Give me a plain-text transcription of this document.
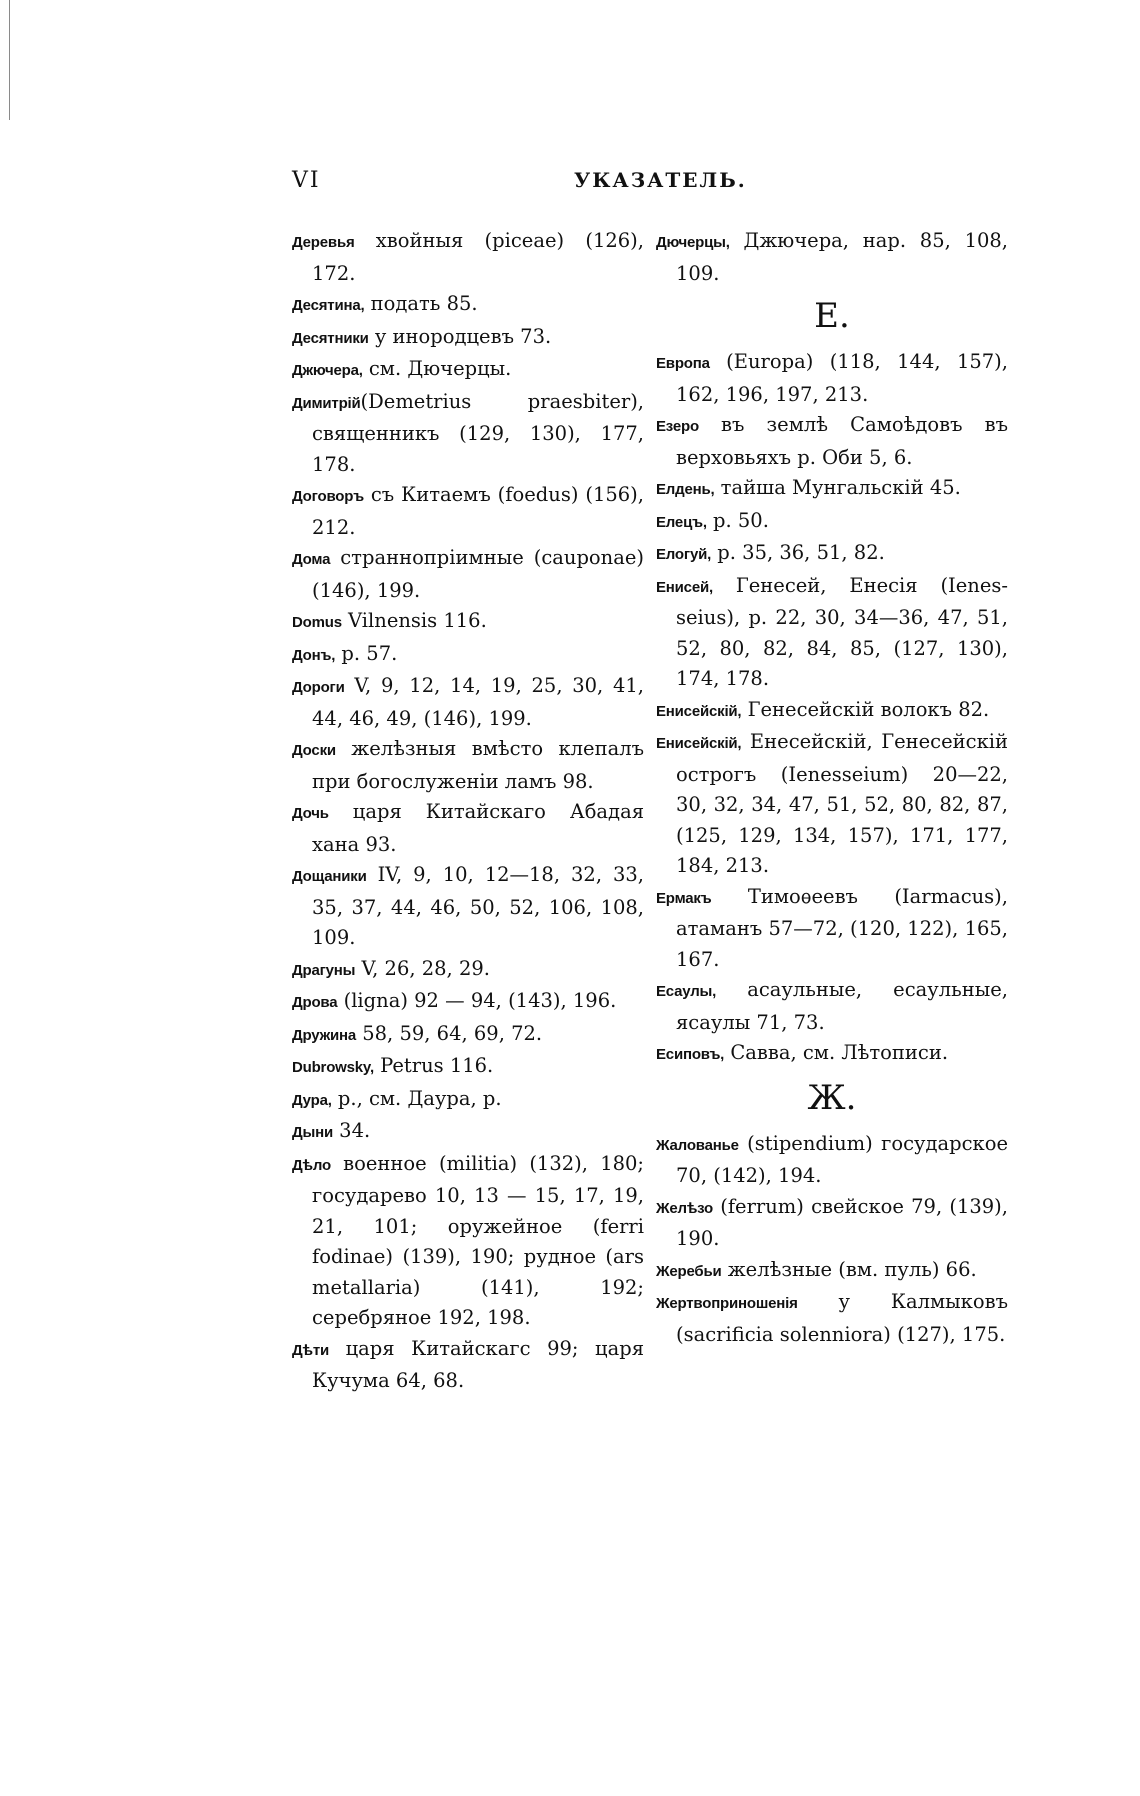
VI	УКАЗАТЕЛЬ.

Деревья хвойныя (piceae) (126), 172.

Десятина, подать 85.

Десятники у инородцевъ 73.

Джючера, см. Дючерцы.

Димитрій(Demetrius praesbiter), священникъ (129, 130), 177, 178.

Договоръ съ Китаемъ (foedus) (156), 212.

Дома страннопріимные (cauponae) (146), 199.

Domus Vilnensis 116.

Донъ, р. 57.

Дороги V, 9, 12, 14, 19, 25, 30, 41, 44, 46, 49, (146), 199.

Доски желѣзныя вмѣсто клепалъ при богослуженіи ламъ 98.

Дочь царя Китайскаго Абадая хана 93.

Дощаники IV, 9, 10, 12—18, 32, 33, 35, 37, 44, 46, 50, 52, 106, 108, 109.

Драгуны V, 26, 28, 29.

Дрова (ligna) 92 — 94, (143), 196.

Дружина 58, 59, 64, 69, 72.

Dubrowsky, Petrus 116.

Дура, р., см. Даура, р.

Дыни 34.

Дѣло военное (militia) (132), 180; государево 10, 13 — 15, 17, 19, 21, 101; оружейное (ferri fodinae) (139), 190; рудное (ars metallaria) (141), 192; серебряное 192, 198.

Дѣти царя Китайскагс 99; царя Кучума 64, 68.

Дючерцы, Джючера, нар. 85, 108, 109.

Е.

Европа (Europa) (118, 144, 157), 162, 196, 197, 213.

Езеро въ землѣ Самоѣдовъ въ верховьяхъ р. Оби 5, 6.

Елдень, тайша Мунгальскій 45.

Елецъ, р. 50.

Елогуй, р. 35, 36, 51, 82.

Енисей, Генесей, Енесія (Ienesseius), р. 22, 30, 34—36, 47, 51, 52, 80, 82, 84, 85, (127, 130), 174, 178.

Енисейскій, Генесейскій волокъ 82.

Енисейскій, Енесейскій, Генесейскій острогъ (Ienesseium) 20—22, 30, 32, 34, 47, 51, 52, 80, 82, 87, (125, 129, 134, 157), 171, 177, 184, 213.

Ермакъ Тимоѳеевъ (Iarmacus), атаманъ 57—72, (120, 122), 165, 167.

Есаулы, асаульные, есаульные, ясаулы 71, 73.

Есиповъ, Савва, см. Лѣтописи.

Ж.

Жалованье (stipendium) государское 70, (142), 194.

Желѣзо (ferrum) свейское 79, (139), 190.

Жеребьи желѣзные (вм. пуль) 66.

Жертвоприношенія у Калмыковъ (sacrificia solenniora) (127), 175.
